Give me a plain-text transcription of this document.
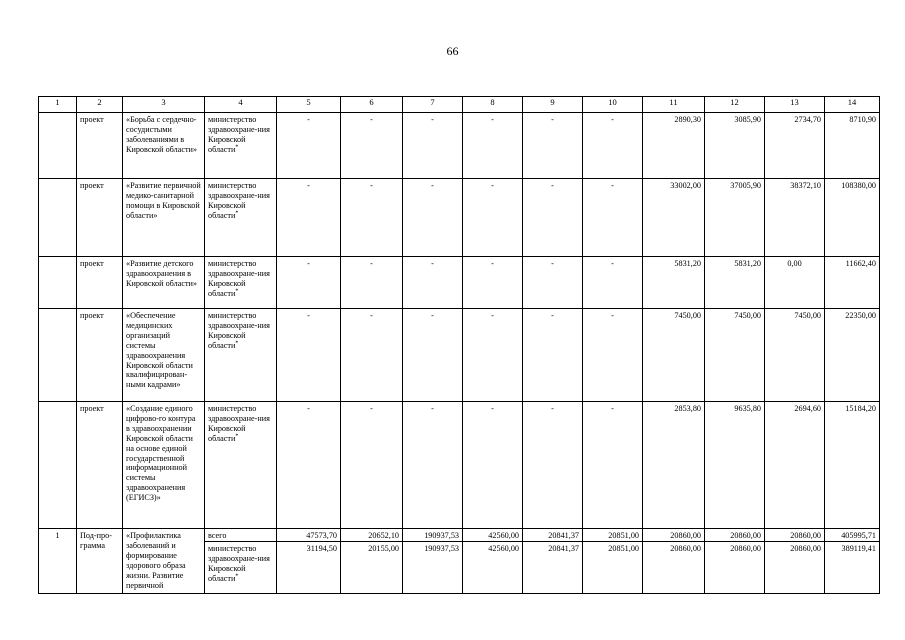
66
1	2	3	4	5	6	7	8	9	10	11	12	13	14
	проект	«Борьба с сердечно-сосудистыми заболеваниями в Кировской области»	министерство здравоохране-ния Кировской области*	-	-	-	-	-	-	2890,30	3085,90	2734,70	8710,90
	проект	«Развитие первичной медико-санитарной помощи в Кировской области»	министерство здравоохране-ния Кировской области*	-	-	-	-	-	-	33002,00	37005,90	38372,10	108380,00
	проект	«Развитие детского здравоохранения в Кировской области»	министерство здравоохране-ния Кировской области*	-	-	-	-	-	-	5831,20	5831,20	0,00	11662,40
	проект	«Обеспечение медицинских организаций системы здравоохранения Кировской области квалифицирован-ными кадрами»	министерство здравоохране-ния Кировской области*	-	-	-	-	-	-	7450,00	7450,00	7450,00	22350,00
	проект	«Создание единого цифрово-го контура в здравоохранении Кировской области на основе единой государственной информационной системы здравоохранения (ЕГИСЗ)»	министерство здравоохране-ния Кировской области*	-	-	-	-	-	-	2853,80	9635,80	2694,60	15184,20
1	Под-про-грамма	«Профилактика заболеваний и формирование здорового образа жизни. Развитие первичной	всего	47573,70	20652,10	190937,53	42560,00	20841,37	20851,00	20860,00	20860,00	20860,00	405995,71
			министерство здравоохране-ния Кировской области*	31194,50	20155,00	190937,53	42560,00	20841,37	20851,00	20860,00	20860,00	20860,00	389119,41
